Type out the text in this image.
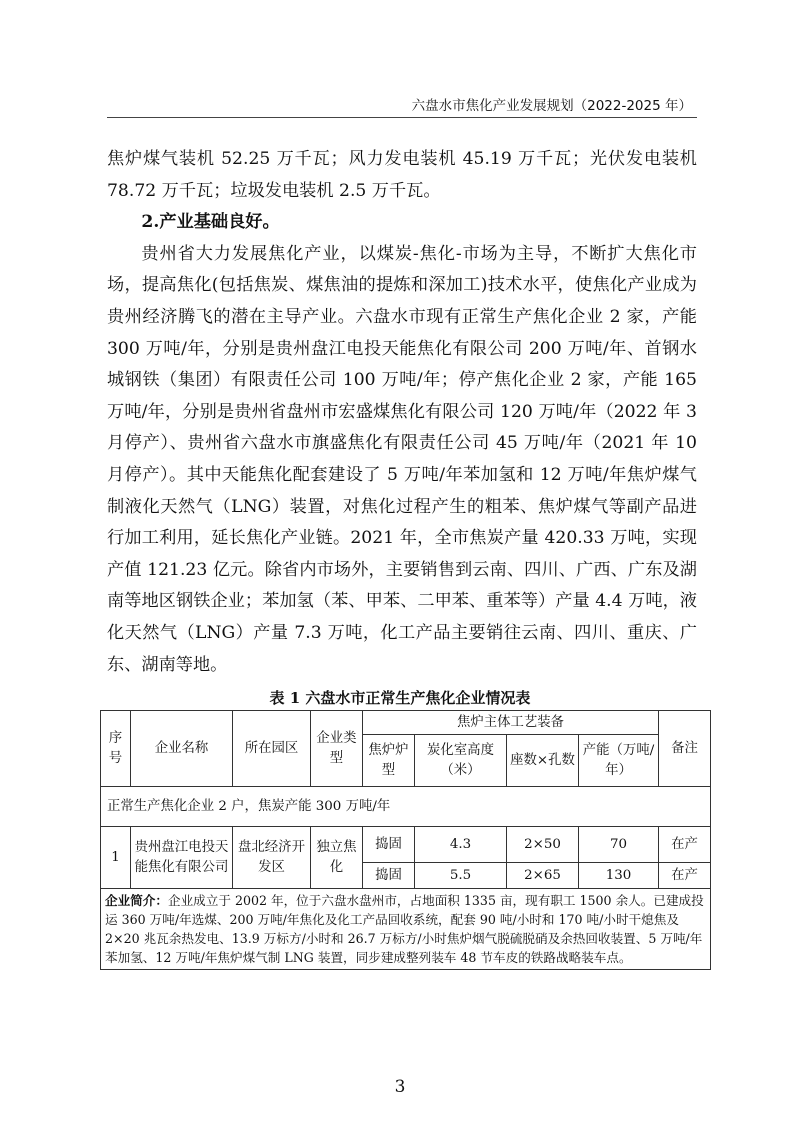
六盘水市焦化产业发展规划（2022-2025 年）

焦炉煤气装机 52.25 万千瓦；风力发电装机 45.19 万千瓦；光伏发电装机 78.72 万千瓦；垃圾发电装机 2.5 万千瓦。

2.产业基础良好。

贵州省大力发展焦化产业，以煤炭-焦化-市场为主导，不断扩大焦化市场，提高焦化(包括焦炭、煤焦油的提炼和深加工)技术水平，使焦化产业成为贵州经济腾飞的潜在主导产业。六盘水市现有正常生产焦化企业 2 家，产能 300 万吨/年，分别是贵州盘江电投天能焦化有限公司 200 万吨/年、首钢水城钢铁（集团）有限责任公司 100 万吨/年；停产焦化企业 2 家，产能 165 万吨/年，分别是贵州省盘州市宏盛煤焦化有限公司 120 万吨/年（2022 年 3 月停产）、贵州省六盘水市旗盛焦化有限责任公司 45 万吨/年（2021 年 10 月停产）。其中天能焦化配套建设了 5 万吨/年苯加氢和 12 万吨/年焦炉煤气制液化天然气（LNG）装置，对焦化过程产生的粗苯、焦炉煤气等副产品进行加工利用，延长焦化产业链。2021 年，全市焦炭产量 420.33 万吨，实现产值 121.23 亿元。除省内市场外，主要销售到云南、四川、广西、广东及湖南等地区钢铁企业；苯加氢（苯、甲苯、二甲苯、重苯等）产量 4.4 万吨，液化天然气（LNG）产量 7.3 万吨，化工产品主要销往云南、四川、重庆、广东、湖南等地。

表 1 六盘水市正常生产焦化企业情况表
序号	企业名称	所在园区	企业类型	焦炉主体工艺装备				备注
				焦炉炉型	炭化室高度（米）	座数×孔数	产能（万吨/年）	
正常生产焦化企业 2 户，焦炭产能 300 万吨/年								
1	贵州盘江电投天能焦化有限公司	盘北经济开发区	独立焦化	捣固	4.3	2×50	70	在产
				捣固	5.5	2×65	130	在产
企业简介：企业成立于 2002 年，位于六盘水盘州市，占地面积 1335 亩，现有职工 1500 余人。已建成投运 360 万吨/年选煤、200 万吨/年焦化及化工产品回收系统，配套 90 吨/小时和 170 吨/小时干熄焦及 2×20 兆瓦余热发电、13.9 万标方/小时和 26.7 万标方/小时焦炉烟气脱硫脱硝及余热回收装置、5 万吨/年苯加氢、12 万吨/年焦炉煤气制 LNG 装置，同步建成整列装车 48 节车皮的铁路战略装车点。								
3
